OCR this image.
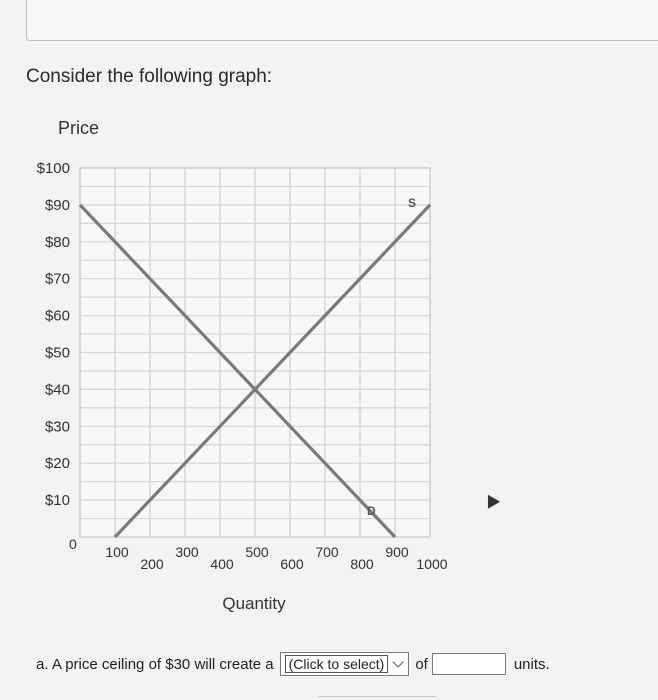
Consider the following graph:
Price
$100
$90
$80
$70
$60
$50
$40
$30
$20
$10
0 100
200
300
400
500
600
700
800
900
1000
Quantity
S
D
a. A price ceiling of $30 will create a (Click to select) of	units.
